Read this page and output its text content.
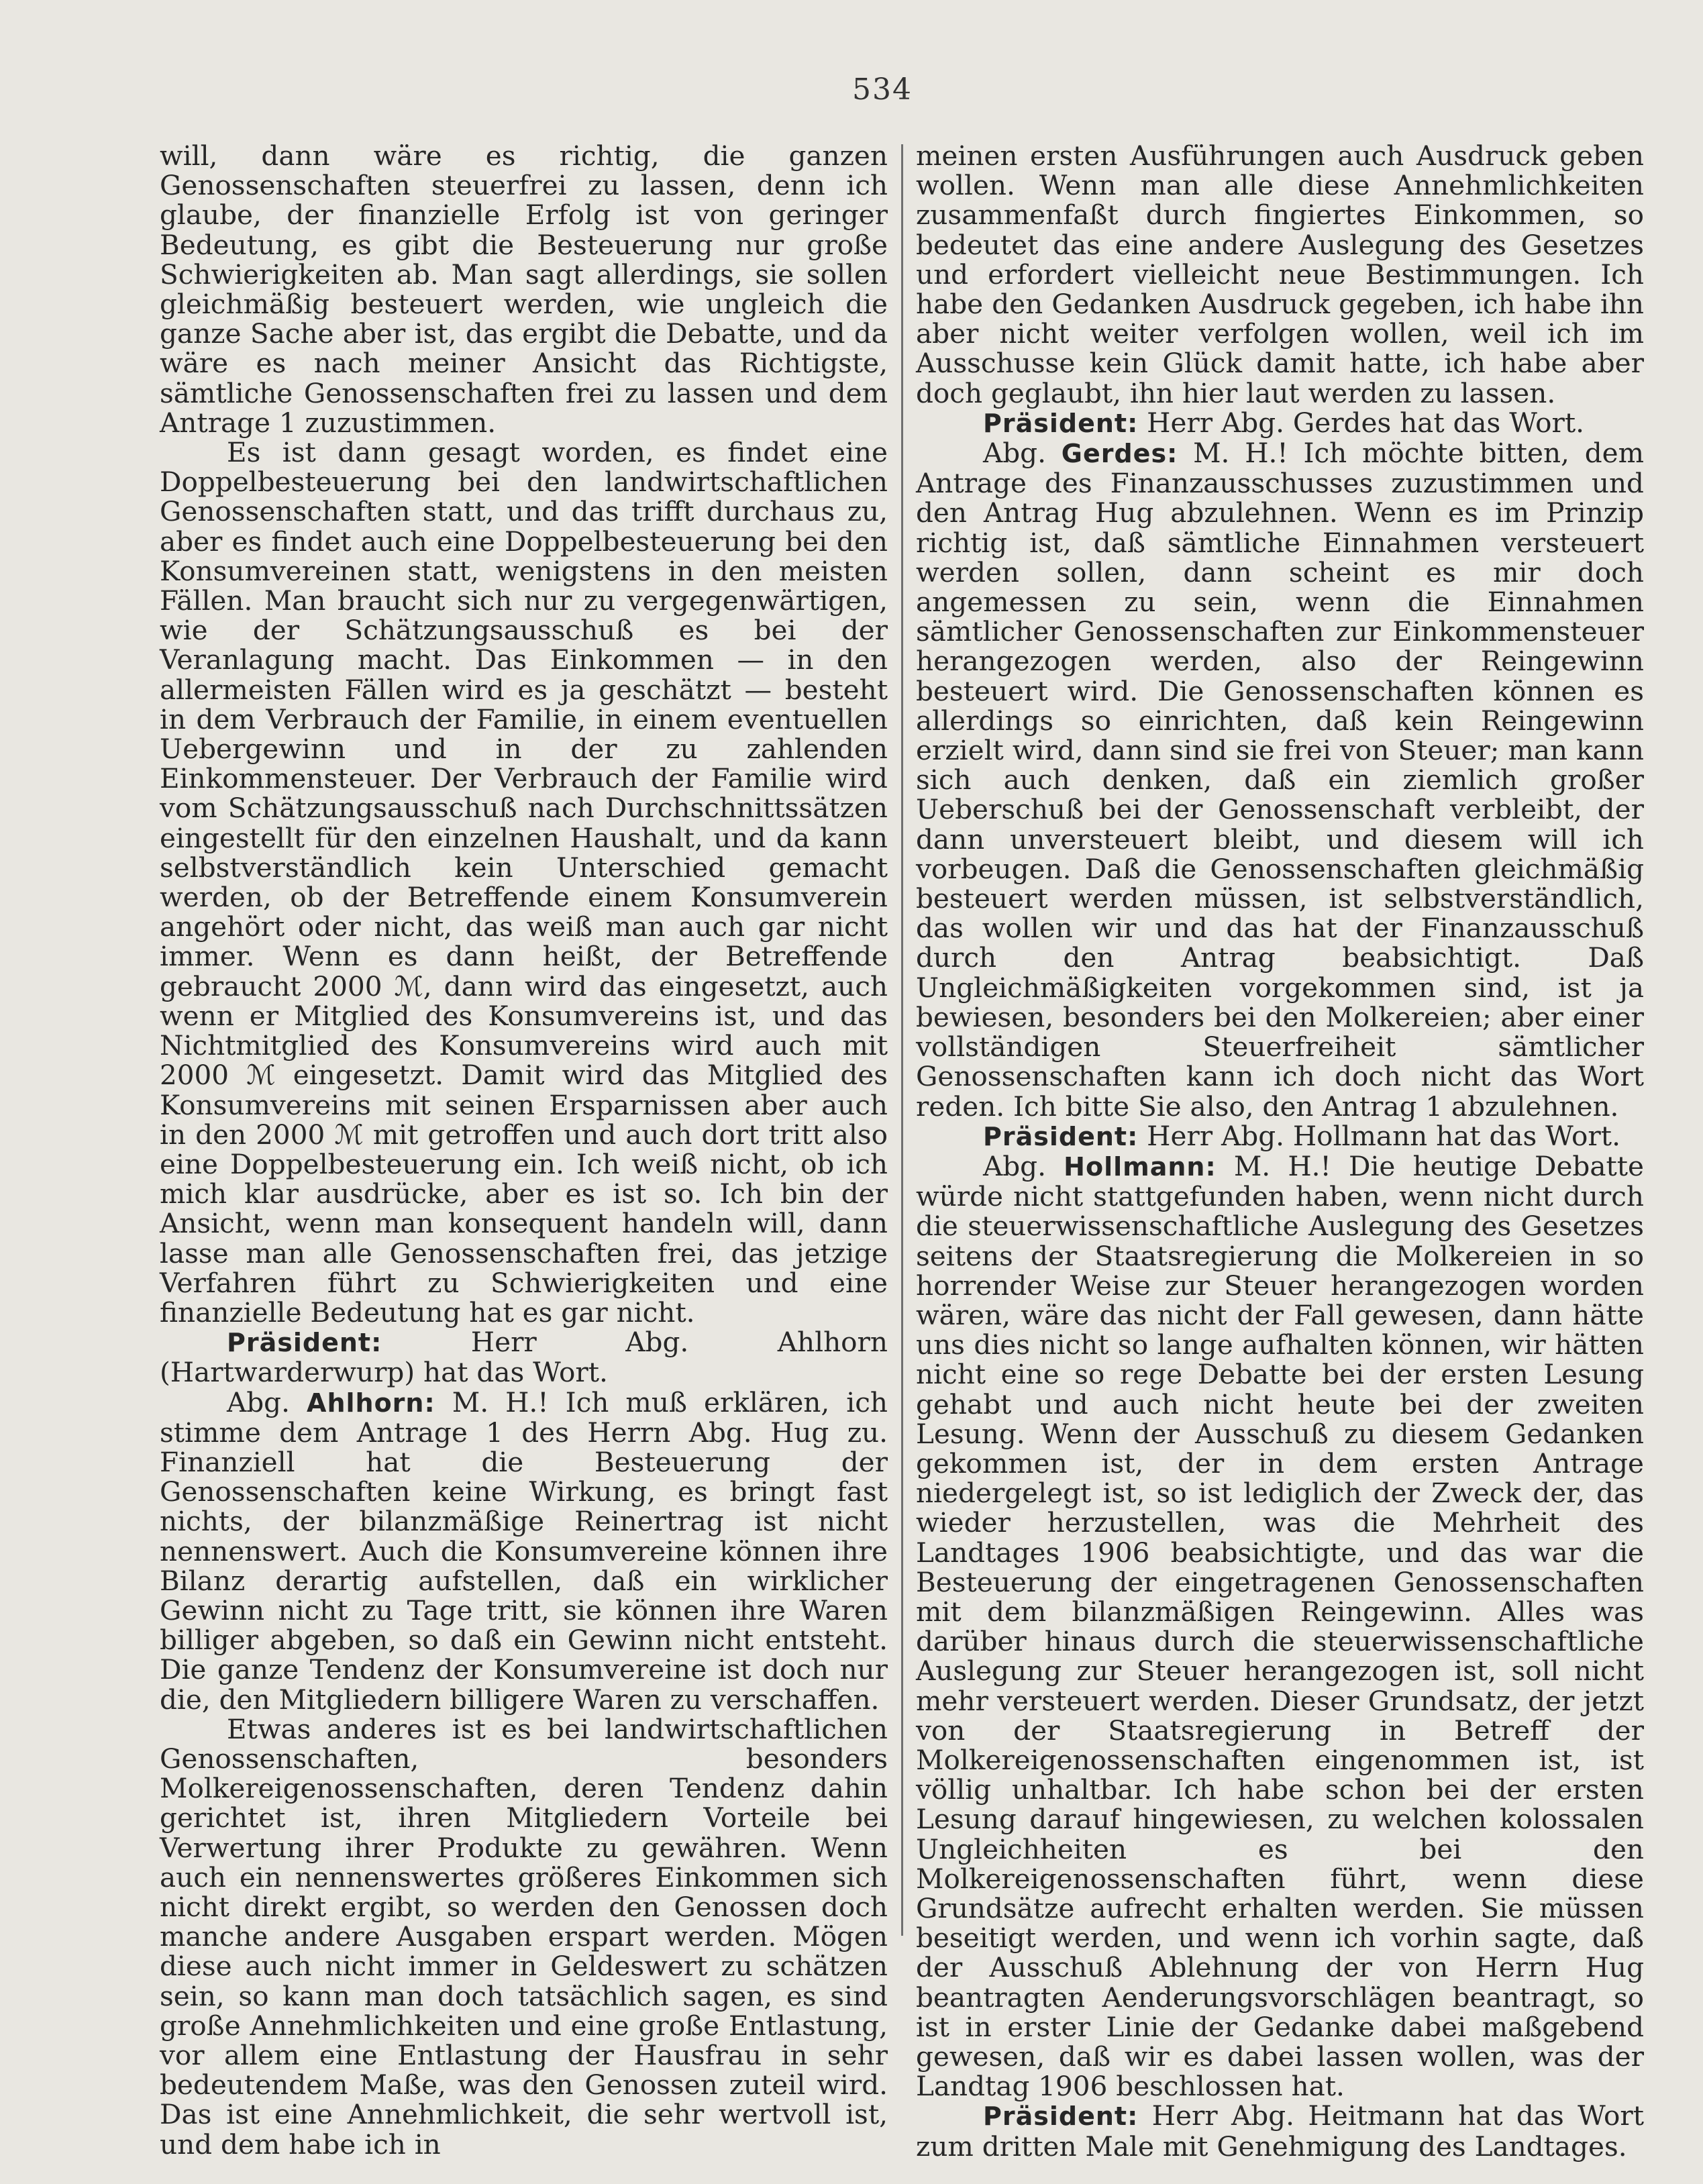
534

will, dann wäre es richtig, die ganzen Genossenschaften steuerfrei zu lassen, denn ich glaube, der finanzielle Erfolg ist von geringer Bedeutung, es gibt die Besteuerung nur große Schwierigkeiten ab. Man sagt allerdings, sie sollen gleichmäßig besteuert werden, wie ungleich die ganze Sache aber ist, das ergibt die Debatte, und da wäre es nach meiner Ansicht das Richtigste, sämtliche Genossenschaften frei zu lassen und dem Antrage 1 zuzustimmen.

Es ist dann gesagt worden, es findet eine Doppelbesteuerung bei den landwirtschaftlichen Genossenschaften statt, und das trifft durchaus zu, aber es findet auch eine Doppelbesteuerung bei den Konsumvereinen statt, wenigstens in den meisten Fällen. Man braucht sich nur zu vergegenwärtigen, wie der Schätzungsausschuß es bei der Veranlagung macht. Das Einkommen — in den allermeisten Fällen wird es ja geschätzt — besteht in dem Verbrauch der Familie, in einem eventuellen Uebergewinn und in der zu zahlenden Einkommensteuer. Der Verbrauch der Familie wird vom Schätzungsausschuß nach Durchschnittssätzen eingestellt für den einzelnen Haushalt, und da kann selbstverständlich kein Unterschied gemacht werden, ob der Betreffende einem Konsumverein angehört oder nicht, das weiß man auch gar nicht immer. Wenn es dann heißt, der Betreffende gebraucht 2000 ℳ, dann wird das eingesetzt, auch wenn er Mitglied des Konsumvereins ist, und das Nichtmitglied des Konsumvereins wird auch mit 2000 ℳ eingesetzt. Damit wird das Mitglied des Konsumvereins mit seinen Ersparnissen aber auch in den 2000 ℳ mit getroffen und auch dort tritt also eine Doppelbesteuerung ein. Ich weiß nicht, ob ich mich klar ausdrücke, aber es ist so. Ich bin der Ansicht, wenn man konsequent handeln will, dann lasse man alle Genossenschaften frei, das jetzige Verfahren führt zu Schwierigkeiten und eine finanzielle Bedeutung hat es gar nicht.

Präsident:	Herr Abg. Ahlhorn (Hartwarderwurp) hat das Wort.

Abg. Ahlhorn: M. H.! Ich muß erklären, ich stimme dem Antrage 1 des Herrn Abg. Hug zu. Finanziell hat die Besteuerung der Genossenschaften keine Wirkung, es bringt fast nichts, der bilanzmäßige Reinertrag ist nicht nennenswert. Auch die Konsumvereine können ihre Bilanz derartig aufstellen, daß ein wirklicher Gewinn nicht zu Tage tritt, sie können ihre Waren billiger abgeben, so daß ein Gewinn nicht entsteht. Die ganze Tendenz der Konsumvereine ist doch nur die, den Mitgliedern billigere Waren zu verschaffen.

Etwas anderes ist es bei landwirtschaftlichen Genossenschaften, besonders Molkereigenossenschaften, deren Tendenz dahin gerichtet ist, ihren Mitgliedern Vorteile bei Verwertung ihrer Produkte zu gewähren. Wenn auch ein nennenswertes größeres Einkommen sich nicht direkt ergibt, so werden den Genossen doch manche andere Ausgaben erspart werden. Mögen diese auch nicht immer in Geldeswert zu schätzen sein, so kann man doch tatsächlich sagen, es sind große Annehmlichkeiten und eine große Entlastung, vor allem eine Entlastung der Hausfrau in sehr bedeutendem Maße, was den Genossen zuteil wird. Das ist eine Annehmlichkeit, die sehr wertvoll ist, und dem habe ich in

meinen ersten Ausführungen auch Ausdruck geben wollen. Wenn man alle diese Annehmlichkeiten zusammenfaßt durch fingiertes Einkommen, so bedeutet das eine andere Auslegung des Gesetzes und erfordert vielleicht neue Bestimmungen. Ich habe den Gedanken Ausdruck gegeben, ich habe ihn aber nicht weiter verfolgen wollen, weil ich im Ausschusse kein Glück damit hatte, ich habe aber doch geglaubt, ihn hier laut werden zu lassen.

Präsident: Herr Abg. Gerdes hat das Wort.

Abg. Gerdes: M. H.! Ich möchte bitten, dem Antrage des Finanzausschusses zuzustimmen und den Antrag Hug abzulehnen. Wenn es im Prinzip richtig ist, daß sämtliche Einnahmen versteuert werden sollen, dann scheint es mir doch angemessen zu sein, wenn die Einnahmen sämtlicher Genossenschaften zur Einkommensteuer herangezogen werden, also der Reingewinn besteuert wird. Die Genossenschaften können es allerdings so einrichten, daß kein Reingewinn erzielt wird, dann sind sie frei von Steuer; man kann sich auch denken, daß ein ziemlich großer Ueberschuß bei der Genossenschaft verbleibt, der dann unversteuert bleibt, und diesem will ich vorbeugen. Daß die Genossenschaften gleichmäßig besteuert werden müssen, ist selbstverständlich, das wollen wir und das hat der Finanzausschuß durch den Antrag beabsichtigt. Daß Ungleichmäßigkeiten vorgekommen sind, ist ja bewiesen, besonders bei den Molkereien; aber einer vollständigen Steuerfreiheit sämtlicher Genossenschaften kann ich doch nicht das Wort reden. Ich bitte Sie also, den Antrag 1 abzulehnen.

Präsident: Herr Abg. Hollmann hat das Wort.

Abg. Hollmann: M. H.! Die heutige Debatte würde nicht stattgefunden haben, wenn nicht durch die steuerwissenschaftliche Auslegung des Gesetzes seitens der Staatsregierung die Molkereien in so horrender Weise zur Steuer herangezogen worden wären, wäre das nicht der Fall gewesen, dann hätte uns dies nicht so lange aufhalten können, wir hätten nicht eine so rege Debatte bei der ersten Lesung gehabt und auch nicht heute bei der zweiten Lesung. Wenn der Ausschuß zu diesem Gedanken gekommen ist, der in dem ersten Antrage niedergelegt ist, so ist lediglich der Zweck der, das wieder herzustellen, was die Mehrheit des Landtages 1906 beabsichtigte, und das war die Besteuerung der eingetragenen Genossenschaften mit dem bilanzmäßigen Reingewinn. Alles was darüber hinaus durch die steuerwissenschaftliche Auslegung zur Steuer herangezogen ist, soll nicht mehr versteuert werden. Dieser Grundsatz, der jetzt von der Staatsregierung in Betreff der Molkereigenossenschaften eingenommen ist, ist völlig unhaltbar. Ich habe schon bei der ersten Lesung darauf hingewiesen, zu welchen kolossalen Ungleichheiten es bei den Molkereigenossenschaften führt, wenn diese Grundsätze aufrecht erhalten werden. Sie müssen beseitigt werden, und wenn ich vorhin sagte, daß der Ausschuß Ablehnung der von Herrn Hug beantragten Aenderungsvorschlägen beantragt, so ist in erster Linie der Gedanke dabei maßgebend gewesen, daß wir es dabei lassen wollen, was der Landtag 1906 beschlossen hat.

Präsident: Herr Abg. Heitmann hat das Wort zum dritten Male mit Genehmigung des Landtages.
